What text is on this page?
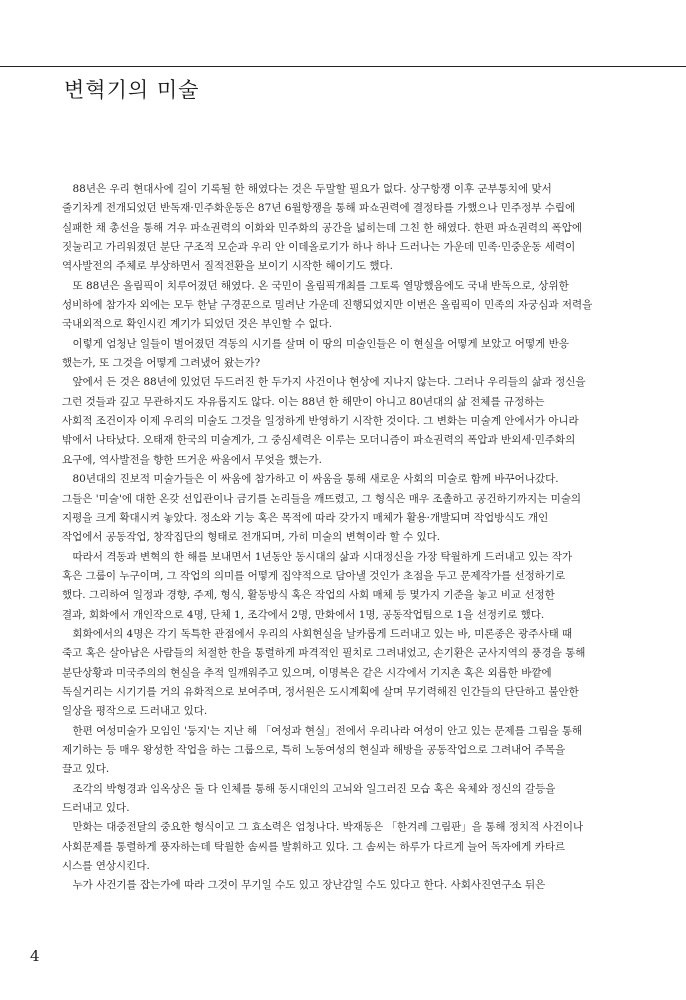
변혁기의 미술
　88년은 우리 현대사에 길이 기록될 한 해였다는 것은 두말할 필요가 없다. 상구항쟁 이후 군부통치에 맞서
줄기차게 전개되었던 반독재·민주화운동은 87년 6월항쟁을 통해 파쇼권력에 결정타를 가했으나 민주정부 수립에
실패한 채 총선을 통해 겨우 파쇼권력의 이화와 민주화의 공간을 넓히는데 그친 한 해였다. 한편 파쇼권력의 폭압에
짓눌리고 가리워졌던 분단 구조적 모순과 우리 안 이데올로기가 하나 하나 드러나는 가운데 민족·민중운동 세력이
역사발전의 주체로 부상하면서 질적전환을 보이기 시작한 해이기도 했다.
　또 88년은 올림픽이 치루어졌던 해였다. 온 국민이 올림픽개최를 그토록 열망했음에도 국내 반독으로, 상위한
성비하에 참가자 외에는 모두 한낱 구경꾼으로 밀려난 가운데 진행되었지만 이번은 올림픽이 민족의 자궁심과 저력을
국내외적으로 확인시킨 계기가 되었던 것은 부인할 수 없다.
　이렇게 엄청난 일들이 벌어졌던 격동의 시기를 살며 이 땅의 미술인들은 이 현실을 어떻게 보았고 어떻게 반응
했는가, 또 그것을 어떻게 그려냈어 왔는가?
　앞에서 든 것은 88년에 있었던 두드러진 한 두가지 사건이나 현상에 지나지 않는다. 그러나 우리들의 삶과 정신을
그런 것들과 깊고 무관하지도 자유롭지도 않다. 이는 88년 한 해만이 아니고 80년대의 삶 전체를 규정하는
사회적 조건이자 이제 우리의 미술도 그것을 일정하게 반영하기 시작한 것이다. 그 변화는 미술계 안에서가 아니라
밖에서 나타났다. 오태재 한국의 미술계가, 그 중심세력은 이루는 모더니즘이 파쇼권력의 폭압과 반외세·민주화의
요구에, 역사발전을 향한 뜨거운 싸움에서 무엇을 했는가.
　80년대의 진보적 미술가들은 이 싸움에 참가하고 이 싸움을 통해 새로운 사회의 미술로 함께 바꾸어나갔다.
그들은 '미술'에 대한 온갖 선입관이나 금기를 논리들을 깨뜨렸고, 그 형식은 매우 조촐하고 공건하기까지는 미술의
지평을 크게 확대시켜 놓았다. 정소와 기능 혹은 목적에 따라 갖가지 매체가 활용·개발되며 작업방식도 개인
작업에서 공동작업, 창작집단의 형태로 전개되며, 가히 미술의 변혁이라 할 수 있다.
　따라서 격동과 변혁의 한 해를 보내면서 1년동안 동시대의 삶과 시대정신을 가장 탁월하게 드러내고 있는 작가
혹은 그룹이 누구이며, 그 작업의 의미를 어떻게 집약적으로 담아낼 것인가 초점을 두고 문제작가를 선정하기로
했다. 그리하여 일정과 경향, 주제, 형식, 활동방식 혹은 작업의 사회 매체 등 몇가지 기준을 놓고 비교 선정한
결과, 회화에서 개인작으로 4명, 단체 1, 조각에서 2명, 만화에서 1명, 공동작업팀으로 1을 선정키로 했다.
　회화에서의 4명은 각기 독특한 관점에서 우리의 사회현실을 날카롭게 드러내고 있는 바, 미론종은 광주사태 때
죽고 혹은 살아남은 사람들의 처절한 한을 통렬하게 파격적인 필치로 그려내었고, 손기환은 군사지역의 풍경을 통해
분단상황과 미국주의의 현실을 추적 일깨워주고 있으며, 이명복은 같은 시각에서 기지촌 혹은 외롭한 바깥에
독실거리는 시기기를 거의 유화적으로 보여주며, 정서원은 도시계획에 살며 무기력해진 인간들의 단단하고 불안한
일상을 평작으로 드러내고 있다.
　한편 여성미술가 모임인 '둥지'는 지난 해 「여성과 현실」전에서 우리나라 여성이 안고 있는 문제를 그림을 통해
제기하는 등 매우 왕성한 작업을 하는 그룹으로, 특히 노동여성의 현실과 해방을 공동작업으로 그려내어 주목을
끌고 있다.
　조각의 박형경과 임옥상은 둘 다 인체를 통해 동시대인의 고뇌와 일그러진 모습 혹은 육체와 정신의 갈등을
드러내고 있다.
　만화는 대중전달의 중요한 형식이고 그 효소력은 엄청나다. 박재동은 「한겨레 그림판」을 통해 정치적 사건이나
사회문제를 통렬하게 풍자하는데 탁월한 솜씨를 발휘하고 있다. 그 솜씨는 하루가 다르게 늘어 독자에게 카타르
시스를 연상시킨다.
　누가 사건기를 잡는가에 따라 그것이 무기일 수도 있고 장난감일 수도 있다고 한다. 사회사진연구소 뒤은
4
